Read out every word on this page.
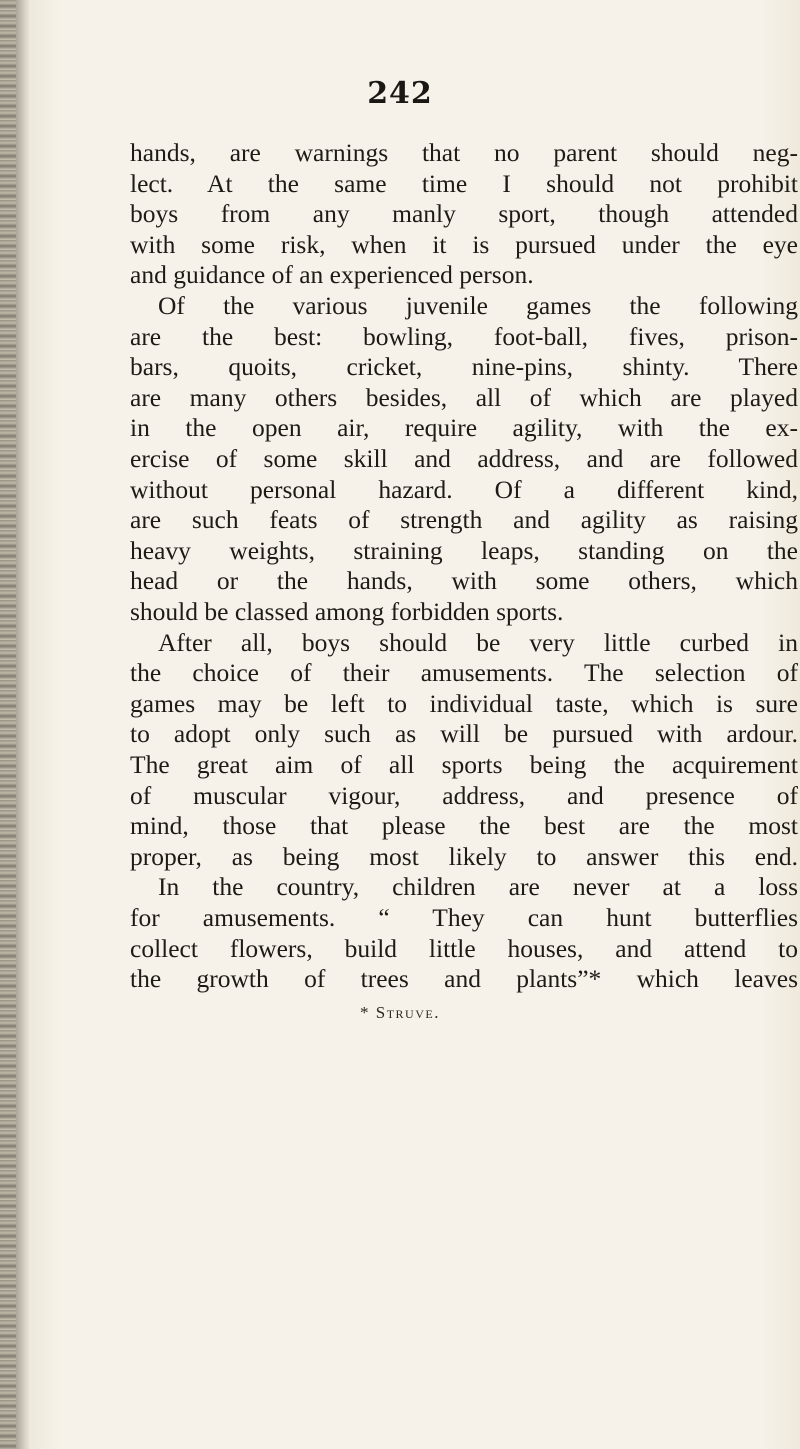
242
hands, are warnings that no parent should neg-
lect. At the same time I should not prohibit
boys from any manly sport, though attended
with some risk, when it is pursued under the eye
and guidance of an experienced person.
Of the various juvenile games the following
are the best: bowling, foot-ball, fives, prison-
bars, quoits, cricket, nine-pins, shinty. There
are many others besides, all of which are played
in the open air, require agility, with the ex-
ercise of some skill and address, and are followed
without personal hazard. Of a different kind,
are such feats of strength and agility as raising
heavy weights, straining leaps, standing on the
head or the hands, with some others, which
should be classed among forbidden sports.
After all, boys should be very little curbed in
the choice of their amusements. The selection of
games may be left to individual taste, which is sure
to adopt only such as will be pursued with ardour.
The great aim of all sports being the acquirement
of muscular vigour, address, and presence of
mind, those that please the best are the most
proper, as being most likely to answer this end.
In the country, children are never at a loss
for amusements. “ They can hunt butterflies
collect flowers, build little houses, and attend to
the growth of trees and plants”* which leaves
* Struve.
